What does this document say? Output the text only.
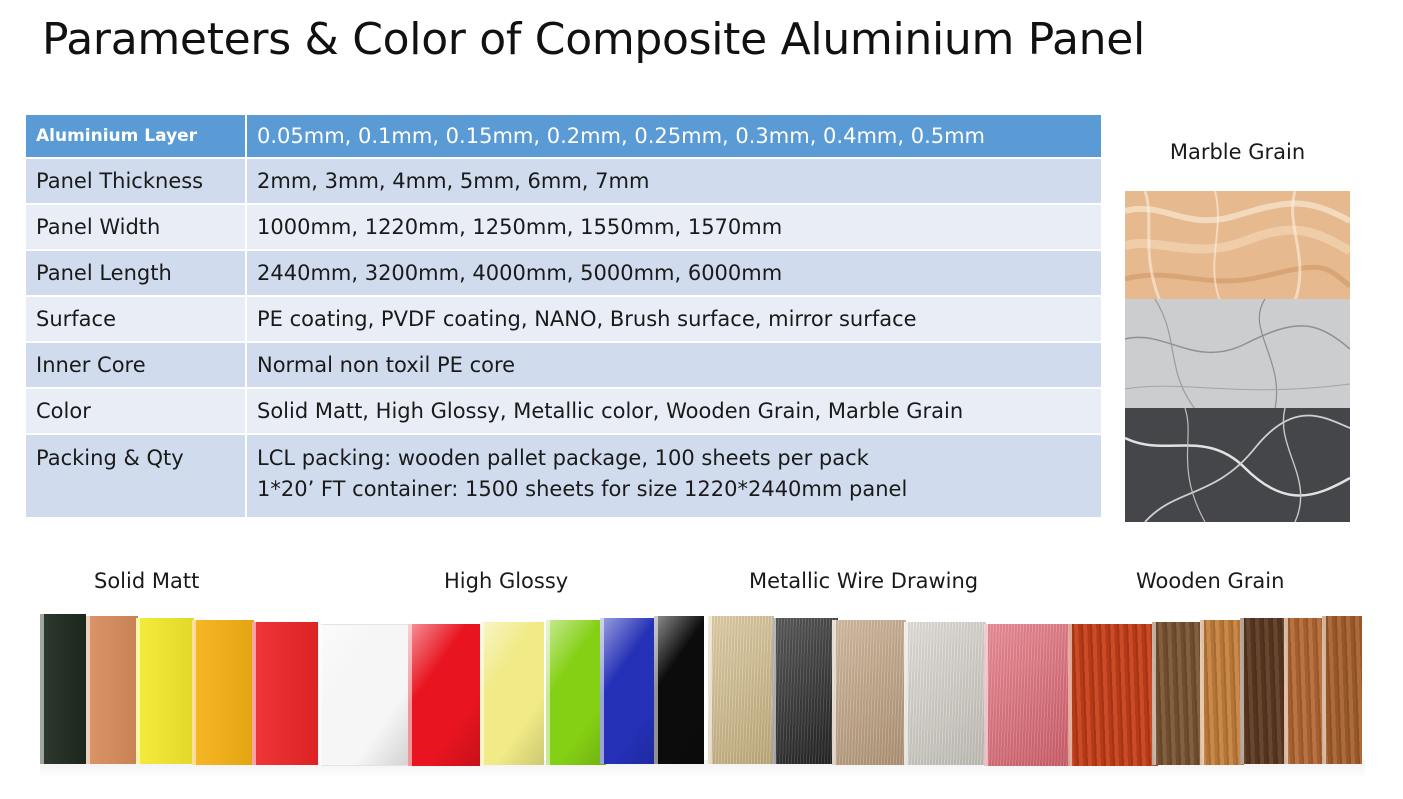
Parameters & Color of Composite Aluminium Panel
Aluminium Layer	0.05mm, 0.1mm, 0.15mm, 0.2mm, 0.25mm, 0.3mm, 0.4mm, 0.5mm
Panel Thickness	2mm, 3mm, 4mm, 5mm, 6mm, 7mm
Panel Width	1000mm, 1220mm, 1250mm, 1550mm, 1570mm
Panel Length	2440mm, 3200mm, 4000mm, 5000mm, 6000mm
Surface	PE coating, PVDF coating, NANO, Brush surface, mirror surface
Inner Core	Normal non toxil PE core
Color	Solid Matt, High Glossy, Metallic color, Wooden Grain, Marble Grain
Packing & Qty	LCL packing: wooden pallet package, 100 sheets per pack
1*20’ FT container: 1500 sheets for size 1220*2440mm panel
Marble Grain
Solid Matt	High Glossy	Metallic Wire Drawing	Wooden Grain
